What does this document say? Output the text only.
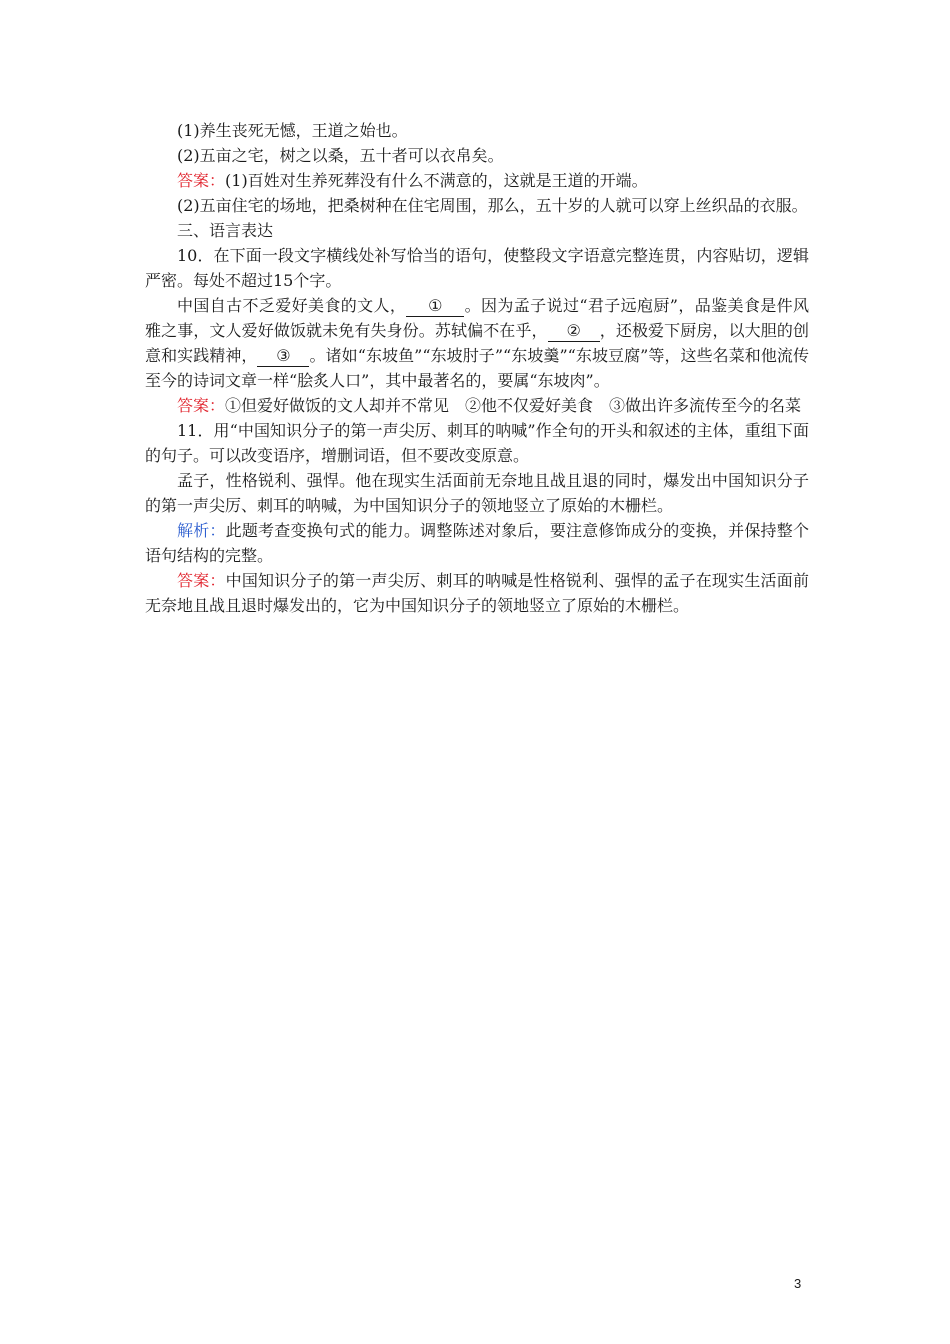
(1)养生丧死无憾，王道之始也。

(2)五亩之宅，树之以桑，五十者可以衣帛矣。

答案：(1)百姓对生养死葬没有什么不满意的，这就是王道的开端。

(2)五亩住宅的场地，把桑树种在住宅周围，那么，五十岁的人就可以穿上丝织品的衣服。

三、语言表达

10．在下面一段文字横线处补写恰当的语句，使整段文字语意完整连贯，内容贴切，逻辑严密。每处不超过15个字。

中国自古不乏爱好美食的文人， ① 。因为孟子说过“君子远庖厨”，品鉴美食是件风雅之事，文人爱好做饭就未免有失身份。苏轼偏不在乎， ② ，还极爱下厨房，以大胆的创意和实践精神， ③ 。诸如“东坡鱼”“东坡肘子”“东坡羹”“东坡豆腐”等，这些名菜和他流传至今的诗词文章一样“脍炙人口”，其中最著名的，要属“东坡肉”。

答案：①但爱好做饭的文人却并不常见　②他不仅爱好美食　③做出许多流传至今的名菜

11．用“中国知识分子的第一声尖厉、刺耳的呐喊”作全句的开头和叙述的主体，重组下面的句子。可以改变语序，增删词语，但不要改变原意。

孟子，性格锐利、强悍。他在现实生活面前无奈地且战且退的同时，爆发出中国知识分子的第一声尖厉、刺耳的呐喊，为中国知识分子的领地竖立了原始的木栅栏。

解析：此题考查变换句式的能力。调整陈述对象后，要注意修饰成分的变换，并保持整个语句结构的完整。

答案：中国知识分子的第一声尖厉、刺耳的呐喊是性格锐利、强悍的孟子在现实生活面前无奈地且战且退时爆发出的，它为中国知识分子的领地竖立了原始的木栅栏。

3
